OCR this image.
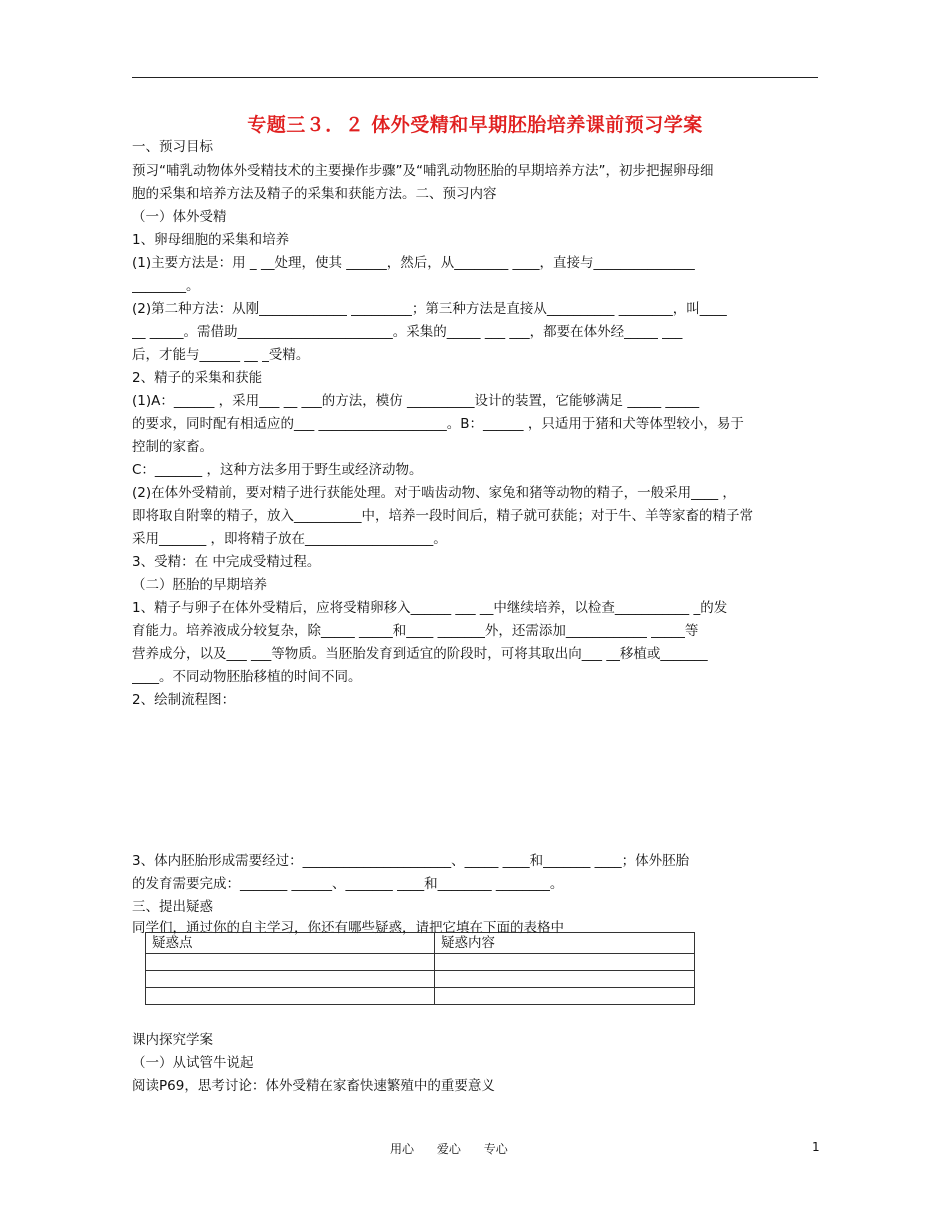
专题三３．２ 体外受精和早期胚胎培养课前预习学案
一、预习目标
预习“哺乳动物体外受精技术的主要操作步骤”及“哺乳动物胚胎的早期培养方法”，初步把握卵母细
胞的采集和培养方法及精子的采集和获能方法。二、预习内容
（一）体外受精
1、卵母细胞的采集和培养
(1)主要方法是：用 _ __处理，使其 ______，然后，从________ ____，直接与_______________
________。
(2)第二种方法：从刚_____________ _________；第三种方法是直接从__________ ________，叫____
__ _____。需借助_______________________。采集的_____ ___ ___，都要在体外经_____ ___
后，才能与______ __ _受精。
2、精子的采集和获能
(1)A：______ ，采用___ __ ___的方法，模仿 __________设计的装置，它能够满足 _____ _____
的要求，同时配有相适应的___ ___________________。B：______ ，只适用于猪和犬等体型较小，易于
控制的家畜。
C：_______ ，这种方法多用于野生或经济动物。
(2)在体外受精前，要对精子进行获能处理。对于啮齿动物、家兔和猪等动物的精子，一般采用____ ，
即将取自附睾的精子，放入__________中，培养一段时间后，精子就可获能；对于牛、羊等家畜的精子常
采用_______ ，即将精子放在___________________。
3、受精：在 中完成受精过程。
（二）胚胎的早期培养
1、精子与卵子在体外受精后，应将受精卵移入______ ___ __中继续培养，以检查___________ _的发
育能力。培养液成分较复杂，除_____ _____和____ _______外，还需添加____________ _____等
营养成分，以及___ ___等物质。当胚胎发育到适宜的阶段时，可将其取出向___ __移植或_______
____。不同动物胚胎移植的时间不同。
2、绘制流程图：
3、体内胚胎形成需要经过：______________________、_____ ____和_______ ____；体外胚胎
的发育需要完成：_______ ______、_______ ____和________ ________。
三、提出疑惑
同学们，通过你的自主学习，你还有哪些疑惑，请把它填在下面的表格中
疑惑点	疑惑内容

课内探究学案
（一）从试管牛说起
阅读P69，思考讨论：体外受精在家畜快速繁殖中的重要意义
用心      爱心      专心	1
